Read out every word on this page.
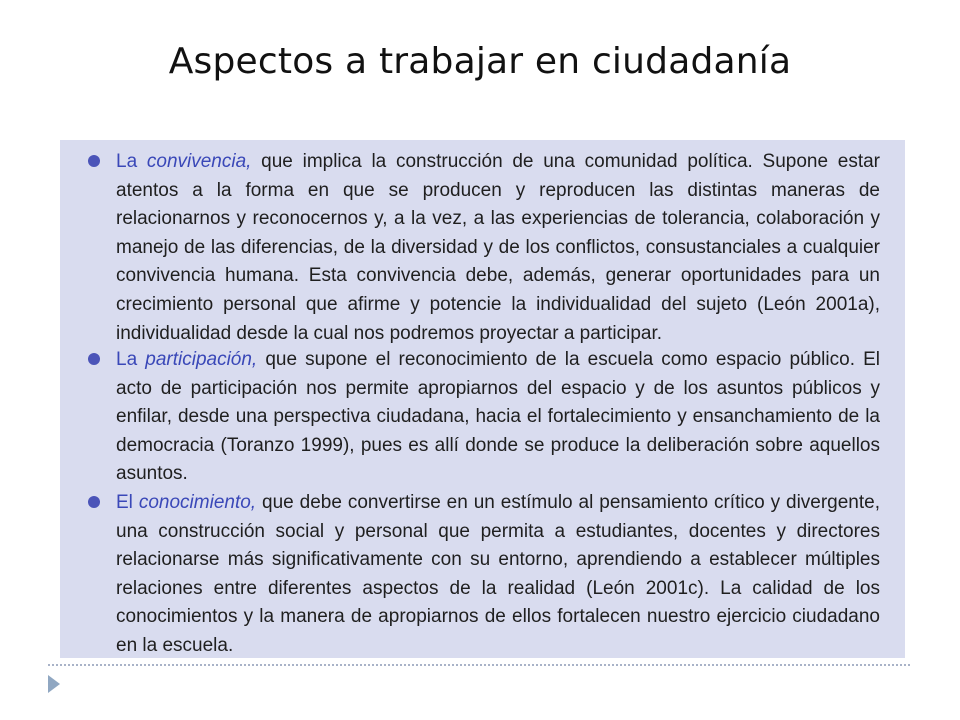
Aspectos a trabajar en ciudadanía
La convivencia, que implica la construcción de una comunidad política. Supone estar atentos a la forma en que se producen y reproducen las distintas maneras de relacionarnos y reconocernos y, a la vez, a las experiencias de tolerancia, colaboración y manejo de las diferencias, de la diversidad y de los conflictos, consustanciales a cualquier convivencia humana. Esta convivencia debe, además, generar oportunidades para un crecimiento personal que afirme y potencie la individualidad del sujeto (León 2001a), individualidad desde la cual nos podremos proyectar a participar.
La participación, que supone el reconocimiento de la escuela como espacio público. El acto de participación nos permite apropiarnos del espacio y de los asuntos públicos y enfilar, desde una perspectiva ciudadana, hacia el fortalecimiento y ensanchamiento de la democracia (Toranzo 1999), pues es allí donde se produce la deliberación sobre aquellos asuntos.
El conocimiento, que debe convertirse en un estímulo al pensamiento crítico y divergente, una construcción social y personal que permita a estudiantes, docentes y directores relacionarse más significativamente con su entorno, aprendiendo a establecer múltiples relaciones entre diferentes aspectos de la realidad (León 2001c). La calidad de los conocimientos y la manera de apropiarnos de ellos fortalecen nuestro ejercicio ciudadano en la escuela.
